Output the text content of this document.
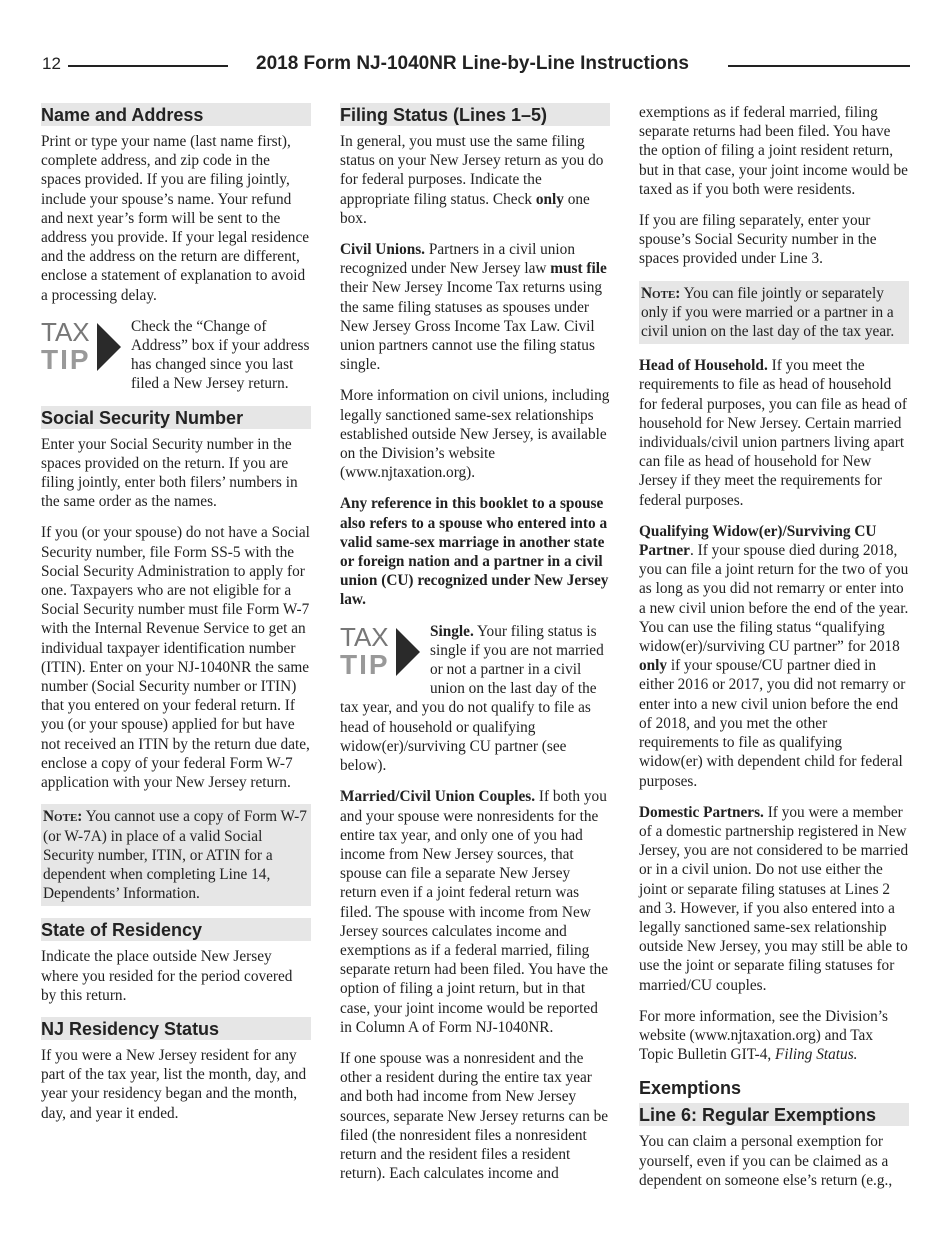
12	2018 Form NJ-1040NR Line-by-Line Instructions
Name and Address

Print or type your name (last name first), complete address, and zip code in the spaces provided. If you are filing jointly, include your spouse’s name. Your refund and next year’s form will be sent to the address you provide. If your legal residence and the address on the return are different, enclose a statement of explanation to avoid a processing delay.

TAX
TIP
Check the “Change of Address” box if your address has changed since you last filed a New Jersey return.
Social Security Number

Enter your Social Security number in the spaces provided on the return. If you are filing jointly, enter both filers’ numbers in the same order as the names.

If you (or your spouse) do not have a Social Security number, file Form SS-5 with the Social Security Administration to apply for one. Taxpayers who are not eligible for a Social Security number must file Form W-7 with the Internal Revenue Service to get an individual taxpayer identification number (ITIN). Enter on your NJ-1040NR the same number (Social Security number or ITIN) that you entered on your federal return. If you (or your spouse) applied for but have not received an ITIN by the return due date, enclose a copy of your federal Form W-7 application with your New Jersey return.

Note: You cannot use a copy of Form W-7 (or W-7A) in place of a valid Social Security number, ITIN, or ATIN for a dependent when completing Line 14, Dependents’ Information.
State of Residency

Indicate the place outside New Jersey where you resided for the period covered by this return.

NJ Residency Status

If you were a New Jersey resident for any part of the tax year, list the month, day, and year your residency began and the month, day, and year it ended.

Filing Status (Lines 1–5)

In general, you must use the same filing status on your New Jersey return as you do for federal purposes. Indicate the appropriate filing status. Check only one box.

Civil Unions. Partners in a civil union recognized under New Jersey law must file their New Jersey Income Tax returns using the same filing statuses as spouses under New Jersey Gross Income Tax Law. Civil union partners cannot use the filing status single.

More information on civil unions, including legally sanctioned same-sex relationships established outside New Jersey, is available on the Division’s website (www.njtaxation.org).

Any reference in this booklet to a spouse also refers to a spouse who entered into a valid same-sex marriage in another state or foreign nation and a partner in a civil union (CU) recognized under New Jersey law.

TAX
TIP
Single. Your filing status is single if you are not married or not a partner in a civil union on the last day of the tax year, and you do not qualify to file as head of household or qualifying widow(er)/surviving CU partner (see below).

Married/Civil Union Couples. If both you and your spouse were nonresidents for the entire tax year, and only one of you had income from New Jersey sources, that spouse can file a separate New Jersey return even if a joint federal return was filed. The spouse with income from New Jersey sources calculates income and exemptions as if a federal married, filing separate return had been filed. You have the option of filing a joint return, but in that case, your joint income would be reported in Column A of Form NJ-1040NR.

If one spouse was a nonresident and the other a resident during the entire tax year and both had income from New Jersey sources, separate New Jersey returns can be filed (the nonresident files a nonresident return and the resident files a resident return). Each calculates income and

exemptions as if federal married, filing separate returns had been filed. You have the option of filing a joint resident return, but in that case, your joint income would be taxed as if you both were residents.

If you are filing separately, enter your spouse’s Social Security number in the spaces provided under Line 3.

Note: You can file jointly or separately only if you were married or a partner in a civil union on the last day of the tax year.

Head of Household. If you meet the requirements to file as head of household for federal purposes, you can file as head of household for New Jersey. Certain married individuals/civil union partners living apart can file as head of household for New Jersey if they meet the requirements for federal purposes.

Qualifying Widow(er)/Surviving CU Partner. If your spouse died during 2018, you can file a joint return for the two of you as long as you did not remarry or enter into a new civil union before the end of the year. You can use the filing status “qualifying widow(er)/surviving CU partner” for 2018 only if your spouse/CU partner died in either 2016 or 2017, you did not remarry or enter into a new civil union before the end of 2018, and you met the other requirements to file as qualifying widow(er) with dependent child for federal purposes.

Domestic Partners. If you were a member of a domestic partnership registered in New Jersey, you are not considered to be married or in a civil union. Do not use either the joint or separate filing statuses at Lines 2 and 3. However, if you also entered into a legally sanctioned same-sex relationship outside New Jersey, you may still be able to use the joint or separate filing statuses for married/CU couples.

For more information, see the Division’s website (www.njtaxation.org) and Tax Topic Bulletin GIT-4, Filing Status.

Exemptions
Line 6: Regular Exemptions

You can claim a personal exemption for yourself, even if you can be claimed as a dependent on someone else’s return (e.g.,
